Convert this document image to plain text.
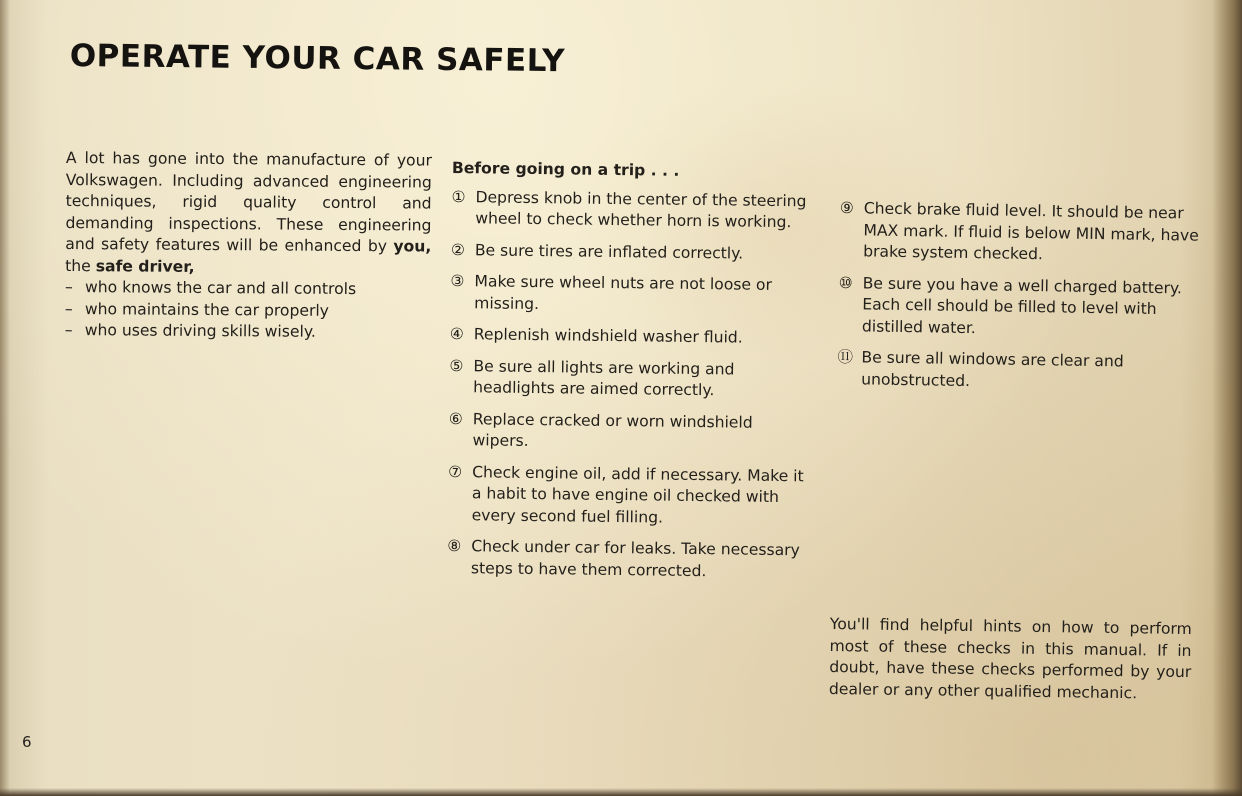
OPERATE YOUR CAR SAFELY

A lot has gone into the manufacture of your Volkswagen. Including advanced engineering techniques, rigid quality control and demanding inspections. These engineering and safety features will be enhanced by you, the safe driver,

– who knows the car and all controls
– who maintains the car properly
– who uses driving skills wisely.

Before going on a trip . . .

① Depress knob in the center of the steering wheel to check whether horn is working.
② Be sure tires are inflated correctly.
③ Make sure wheel nuts are not loose or missing.
④ Replenish windshield washer fluid.
⑤ Be sure all lights are working and headlights are aimed correctly.
⑥ Replace cracked or worn windshield wipers.
⑦ Check engine oil, add if necessary. Make it a habit to have engine oil checked with every second fuel filling.
⑧ Check under car for leaks. Take necessary steps to have them corrected.
⑨ Check brake fluid level. It should be near MAX mark. If fluid is below MIN mark, have brake system checked.
⑩ Be sure you have a well charged battery. Each cell should be filled to level with distilled water.
⑪ Be sure all windows are clear and unobstructed.

You'll find helpful hints on how to perform most of these checks in this manual. If in doubt, have these checks performed by your dealer or any other qualified mechanic.

6
